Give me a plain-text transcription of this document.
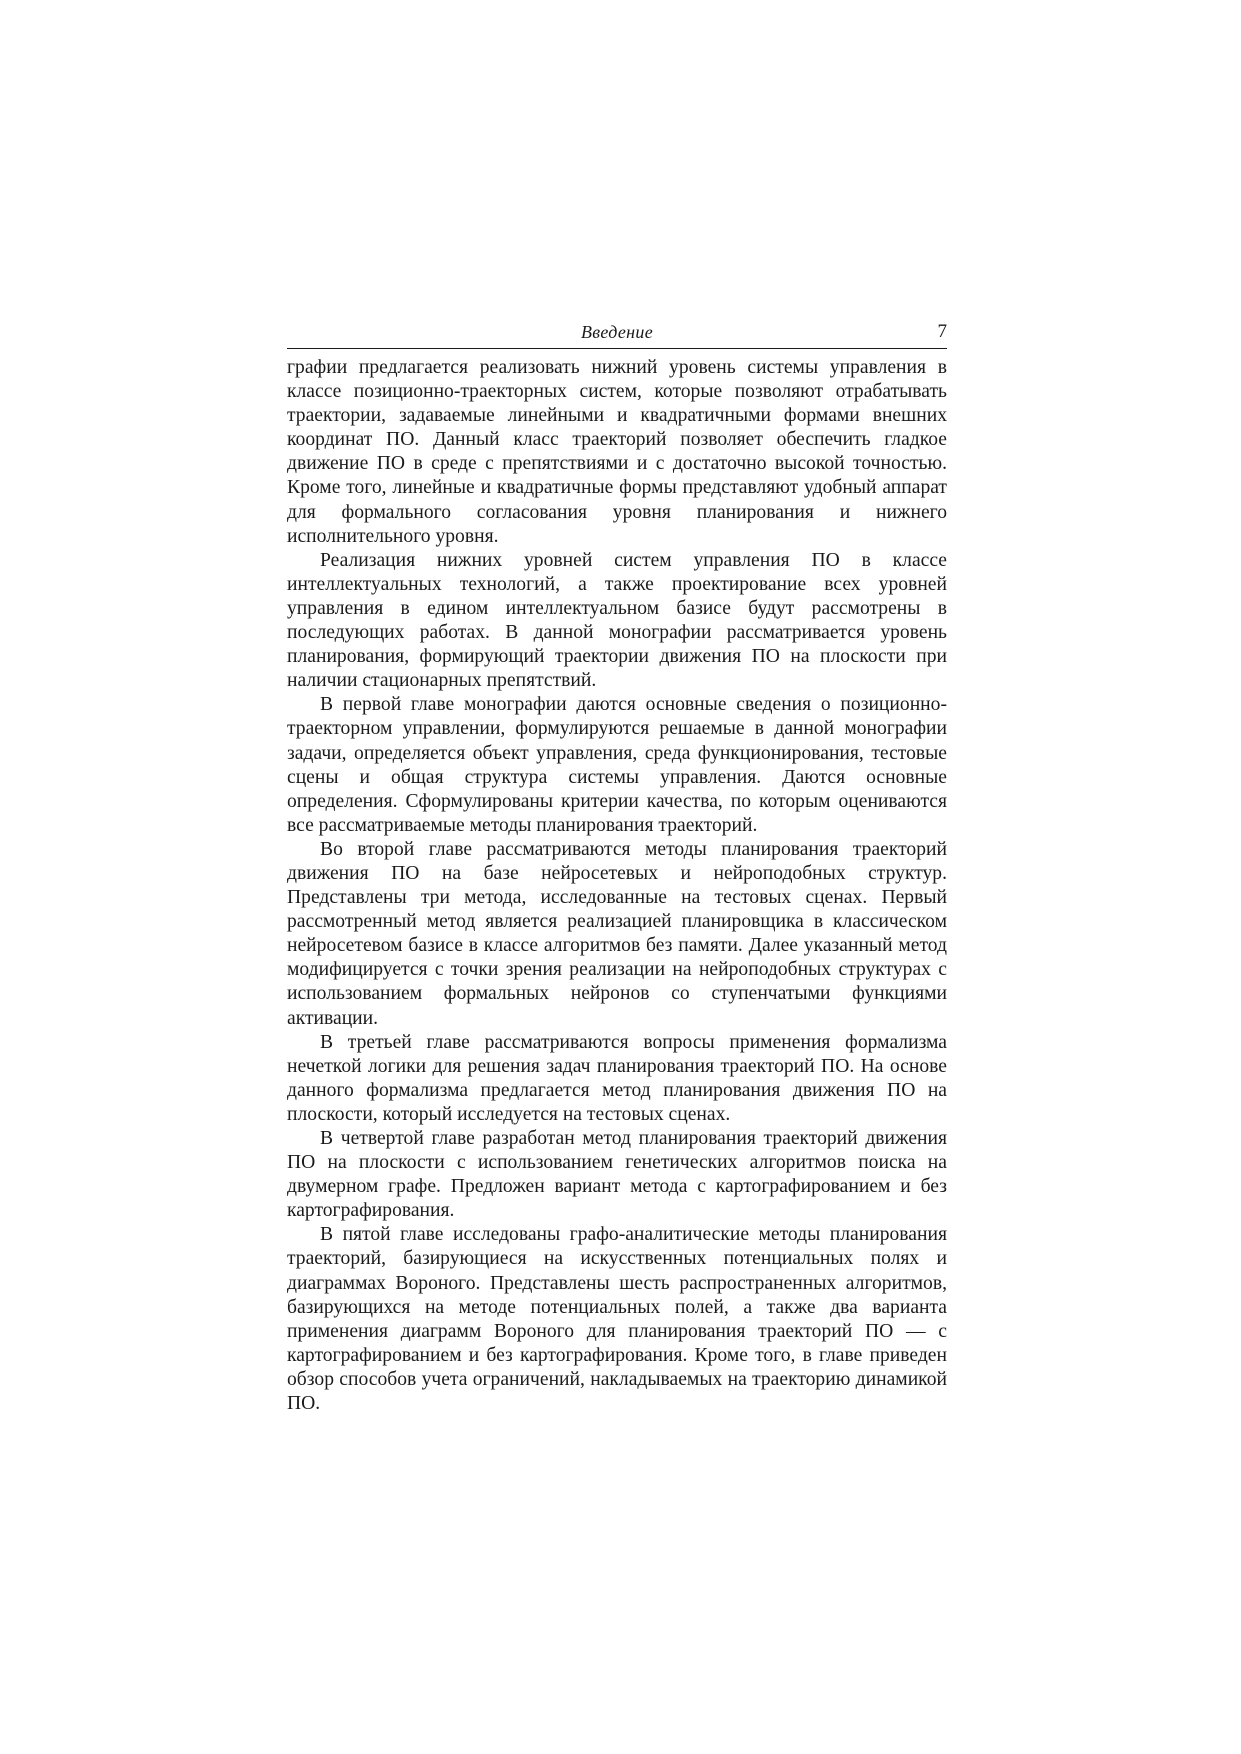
Введение	7

графии предлагается реализовать нижний уровень системы управления в классе позиционно-траекторных систем, которые позволяют отрабатывать траектории, задаваемые линейными и квадратичными формами внешних координат ПО. Данный класс траекторий позволяет обеспечить гладкое движение ПО в среде с препятствиями и с достаточно высокой точностью. Кроме того, линейные и квадратичные формы представляют удобный аппарат для формального согласования уровня планирования и нижнего исполнительного уровня.

Реализация нижних уровней систем управления ПО в классе интеллектуальных технологий, а также проектирование всех уровней управления в едином интеллектуальном базисе будут рассмотрены в последующих работах. В данной монографии рассматривается уровень планирования, формирующий траектории движения ПО на плоскости при наличии стационарных препятствий.

В первой главе монографии даются основные сведения о позиционно-траекторном управлении, формулируются решаемые в данной монографии задачи, определяется объект управления, среда функционирования, тестовые сцены и общая структура системы управления. Даются основные определения. Сформулированы критерии качества, по которым оцениваются все рассматриваемые методы планирования траекторий.

Во второй главе рассматриваются методы планирования траекторий движения ПО на базе нейросетевых и нейроподобных структур. Представлены три метода, исследованные на тестовых сценах. Первый рассмотренный метод является реализацией планировщика в классическом нейросетевом базисе в классе алгоритмов без памяти. Далее указанный метод модифицируется с точки зрения реализации на нейроподобных структурах с использованием формальных нейронов со ступенчатыми функциями активации.

В третьей главе рассматриваются вопросы применения формализма нечеткой логики для решения задач планирования траекторий ПО. На основе данного формализма предлагается метод планирования движения ПО на плоскости, который исследуется на тестовых сценах.

В четвертой главе разработан метод планирования траекторий движения ПО на плоскости с использованием генетических алгоритмов поиска на двумерном графе. Предложен вариант метода с картографированием и без картографирования.

В пятой главе исследованы графо-аналитические методы планирования траекторий, базирующиеся на искусственных потенциальных полях и диаграммах Вороного. Представлены шесть распространенных алгоритмов, базирующихся на методе потенциальных полей, а также два варианта применения диаграмм Вороного для планирования траекторий ПО — с картографированием и без картографирования. Кроме того, в главе приведен обзор способов учета ограничений, накладываемых на траекторию динамикой ПО.
